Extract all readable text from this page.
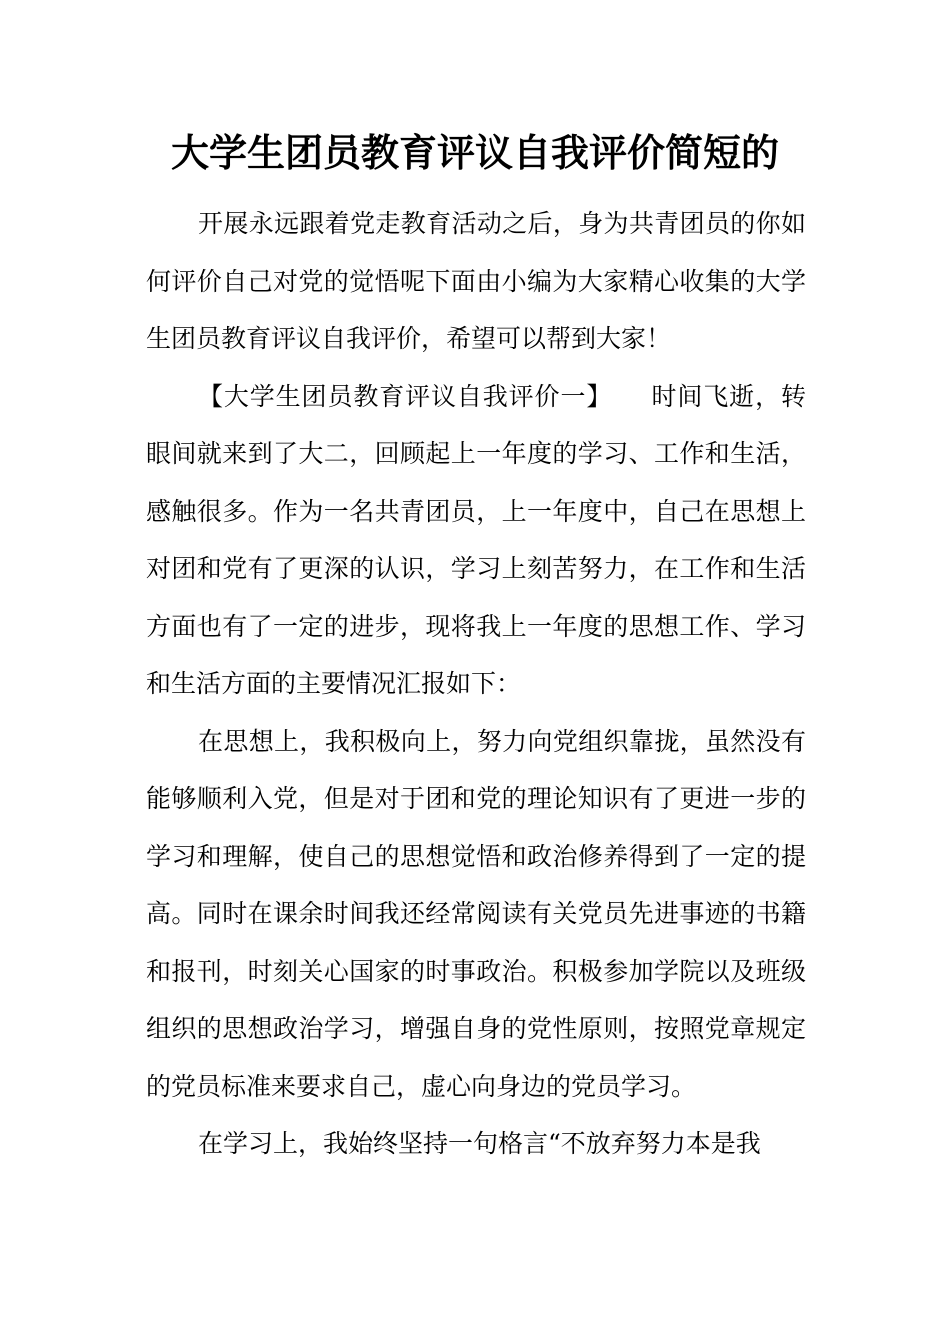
大学生团员教育评议自我评价简短的

开展永远跟着党走教育活动之后，身为共青团员的你如何评价自己对党的觉悟呢下面由小编为大家精心收集的大学生团员教育评议自我评价，希望可以帮到大家！

【大学生团员教育评议自我评价一】　　 时间飞逝，转眼间就来到了大二，回顾起上一年度的学习、工作和生活，感触很多。作为一名共青团员，上一年度中，自己在思想上对团和党有了更深的认识，学习上刻苦努力，在工作和生活方面也有了一定的进步，现将我上一年度的思想工作、学习和生活方面的主要情况汇报如下：

在思想上，我积极向上，努力向党组织靠拢，虽然没有能够顺利入党，但是对于团和党的理论知识有了更进一步的学习和理解，使自己的思想觉悟和政治修养得到了一定的提高。同时在课余时间我还经常阅读有关党员先进事迹的书籍和报刊，时刻关心国家的时事政治。积极参加学院以及班级组织的思想政治学习，增强自身的党性原则，按照党章规定的党员标准来要求自己，虚心向身边的党员学习。

在学习上，我始终坚持一句格言“不放弃努力本是我
